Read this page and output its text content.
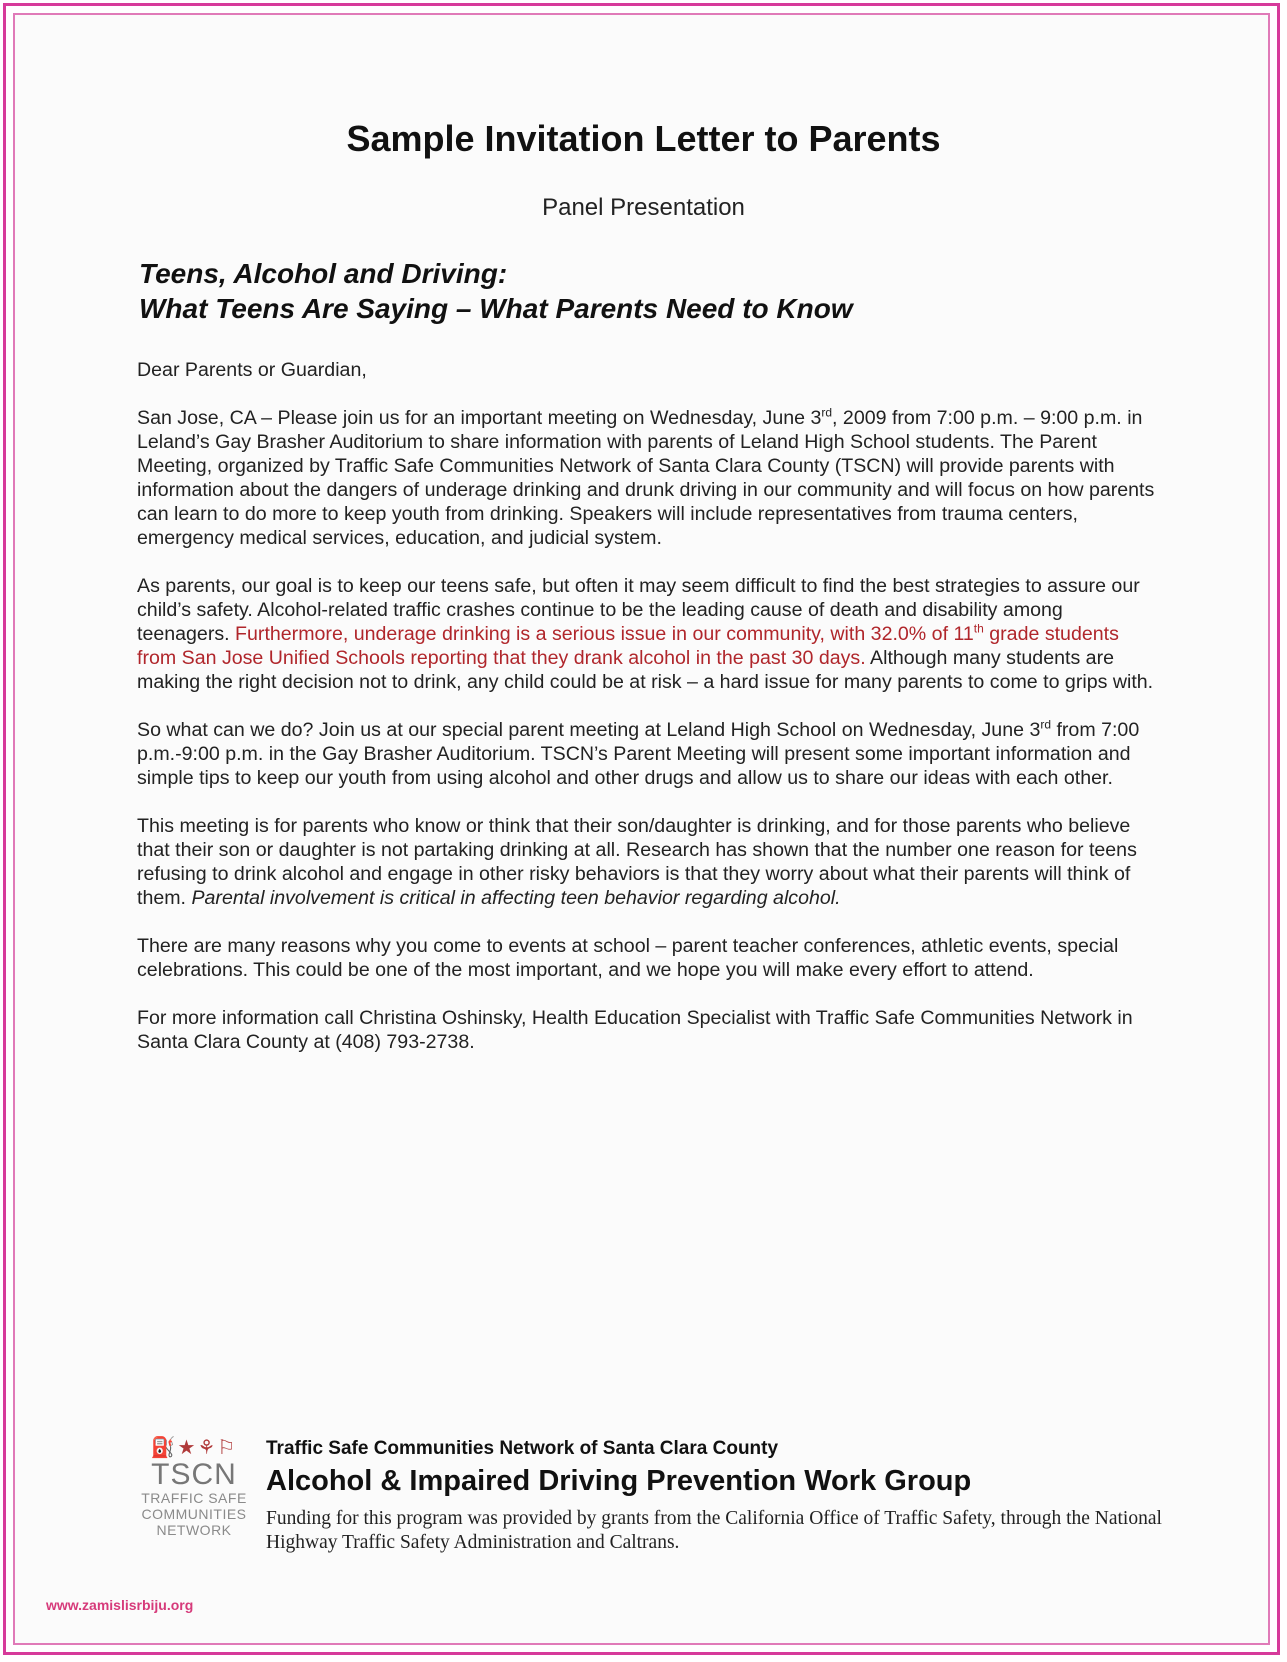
Sample Invitation Letter to Parents
Panel Presentation
Teens, Alcohol and Driving:
What Teens Are Saying – What Parents Need to Know

Dear Parents or Guardian,

San Jose, CA – Please join us for an important meeting on Wednesday, June 3rd, 2009 from 7:00 p.m. – 9:00 p.m. in Leland’s Gay Brasher Auditorium to share information with parents of Leland High School students. The Parent Meeting, organized by Traffic Safe Communities Network of Santa Clara County (TSCN) will provide parents with information about the dangers of underage drinking and drunk driving in our community and will focus on how parents can learn to do more to keep youth from drinking. Speakers will include representatives from trauma centers, emergency medical services, education, and judicial system.

As parents, our goal is to keep our teens safe, but often it may seem difficult to find the best strategies to assure our child’s safety. Alcohol-related traffic crashes continue to be the leading cause of death and disability among teenagers. Furthermore, underage drinking is a serious issue in our community, with 32.0% of 11th grade students from San Jose Unified Schools reporting that they drank alcohol in the past 30 days. Although many students are making the right decision not to drink, any child could be at risk – a hard issue for many parents to come to grips with.

So what can we do? Join us at our special parent meeting at Leland High School on Wednesday, June 3rd from 7:00 p.m.-9:00 p.m. in the Gay Brasher Auditorium. TSCN’s Parent Meeting will present some important information and simple tips to keep our youth from using alcohol and other drugs and allow us to share our ideas with each other.

This meeting is for parents who know or think that their son/daughter is drinking, and for those parents who believe that their son or daughter is not partaking drinking at all. Research has shown that the number one reason for teens refusing to drink alcohol and engage in other risky behaviors is that they worry about what their parents will think of them. Parental involvement is critical in affecting teen behavior regarding alcohol.

There are many reasons why you come to events at school – parent teacher conferences, athletic events, special celebrations. This could be one of the most important, and we hope you will make every effort to attend.

For more information call Christina Oshinsky, Health Education Specialist with Traffic Safe Communities Network in Santa Clara County at (408) 793-2738.

⛽★⚘⚐
TSCN
TRAFFIC SAFE
COMMUNITIES
NETWORK
Traffic Safe Communities Network of Santa Clara County
Alcohol & Impaired Driving Prevention Work Group
Funding for this program was provided by grants from the California Office of Traffic Safety, through the National Highway Traffic Safety Administration and Caltrans.
www.zamislisrbiju.org
